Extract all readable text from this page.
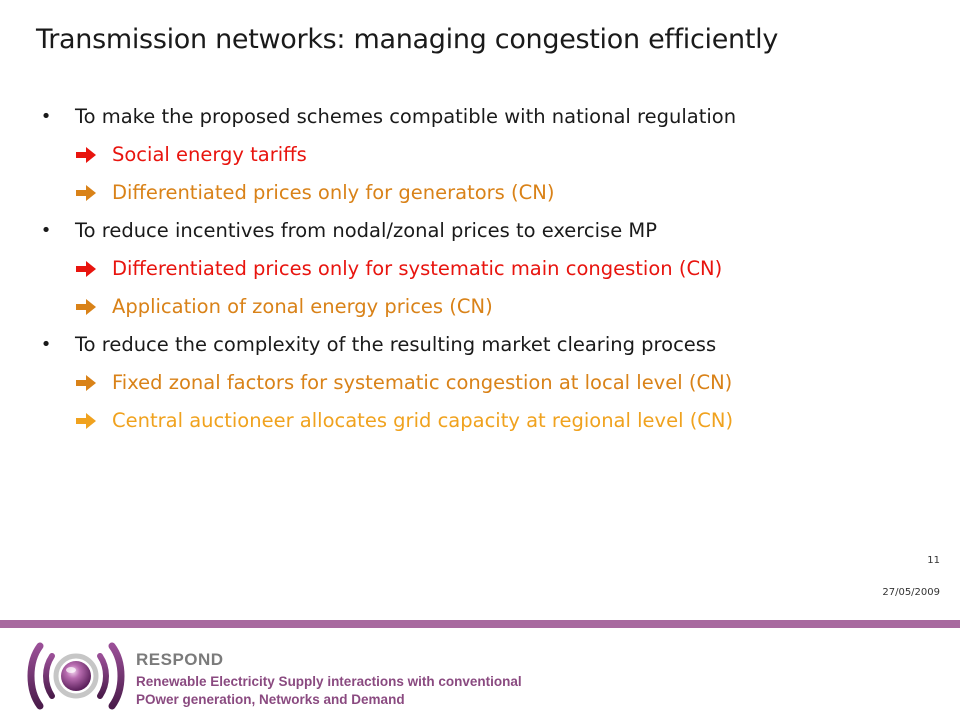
Transmission networks: managing congestion efficiently
• To make the proposed schemes compatible with national regulation
Social energy tariffs
Differentiated prices only for generators (CN)
• To reduce incentives from nodal/zonal prices to exercise MP
Differentiated prices only for systematic main congestion (CN)
Application of zonal energy prices (CN)
• To reduce the complexity of the resulting market clearing process
Fixed zonal factors for systematic congestion at local level (CN)
Central auctioneer allocates grid capacity at regional level (CN)
11
27/05/2009
RESPOND
Renewable Electricity Supply interactions with conventional
POwer generation, Networks and Demand
